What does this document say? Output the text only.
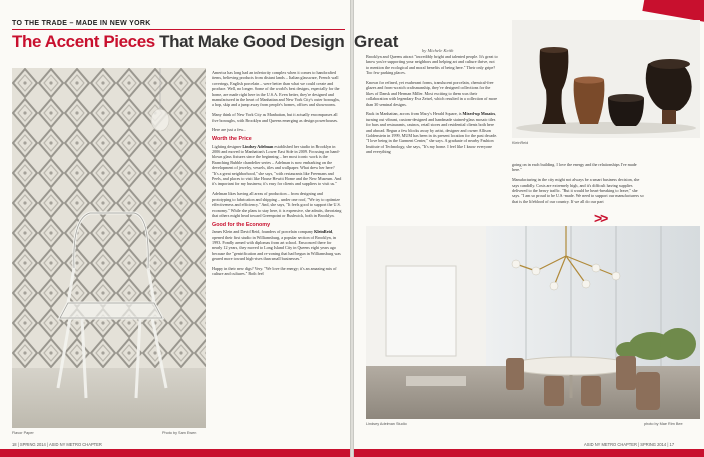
TO THE TRADE – MADE IN NEW YORK
The Accent Pieces That Make Good Design
Flavor Paper	Photo by Sam Ewen

America has long had an inferiority complex when it comes to handcrafted items, believing products from distant lands – Italian glassware, French wall coverings, English porcelain – were better than what we could create and produce. Well, no longer. Some of the world's best designs, especially for the home, are made right here in the U.S.A. Even better, they're designed and manufactured in the heart of Manhattan and New York City's outer boroughs, a hop, skip and a jump away from people's homes, offices and showrooms.

Many think of New York City as Manhattan, but it actually encompasses all five boroughs, with Brooklyn and Queens emerging as design powerhouses.

Here are just a few...

Worth the Price

Lighting designer Lindsey Adelman established her studio in Brooklyn in 2006 and moved to Manhattan's Lower East Side in 2009. Focusing on hand-blown glass fixtures since the beginning – her most iconic work is the Branching Bubble chandelier series – Adelman is now embarking on the development of jewelry, vessels, tiles and wallpaper. What drew her here? "It's a great neighborhood," she says, "with restaurants like Freemans and Peels, and places to visit like House Hewitt Home and the New Museum. And it's important for my business; it's easy for clients and suppliers to visit us."

Adelman likes having all areas of production – from designing and prototyping to fabrication and shipping – under one roof, "We try to optimize effectiveness and efficiency." And, she says, "It feels good to support the U.S. economy." While she plans to stay here, it is expensive, she admits, theorizing that others might head toward Greenpoint or Bushwick, both in Brooklyn.

Good for the Economy

James Klein and David Reid, founders of porcelain company KleinReid, opened their first studio in Williamsburg, a popular section of Brooklyn, in 1993. Fondly armed with diplomas from art school. Ensconced there for nearly 12 years, they moved to Long Island City in Queens eight years ago because the "gentrification and re-zoning that had begun in Williamsburg was geared more toward high-rises than small businesses."

Happy in their new digs? Very. "We love the energy; it's an amazing mix of culture and cultures." Both feel

18 | SPRING 2014 | ASID NY METRO CHAPTER
Great	by Michele Keith
KleinReid

Brooklyn and Queens attract "incredibly bright and talented people. It's great to know you're supporting your neighbors and helping art and culture thrive, not to mention the ecological and moral benefits of being here." Their only gripe? Too few parking places.

Known for refined, yet exuberant forms, translucent porcelain, chemical-free glazes and from-scratch craftsmanship, they've designed collections for the likes of Dansk and Herman Miller. Most exciting to them was their collaboration with legendary Eva Zeisel, which resulted in a collection of more than 30 seminal designs.

Back in Manhattan, across from Macy's Herald Square, is Mixed-up Mosaics, turning out vibrant, custom-designed and handmade stained-glass mosaic tiles for bars and restaurants, casinos, retail stores and residential clients both here and abroad. Begun a few blocks away by artist, designer and owner Allison Goldenstein in 1999, MUM has been in its present location for the past decade. "I love being in the Garment Center," she says. A graduate of nearby Fashion Institute of Technology, she says, "It's my home. I feel like I know everyone and everything

going on in each building. I love the energy and the relationships I've made here."

Manufacturing in the city might not always be a smart business decision, she says candidly. Costs are extremely high, and it's difficult having supplies delivered to the heavy traffic. "But it would be heart-breaking to leave," she says. "I am so proud to be U.S.-made. We need to support our manufacturers so that is the lifeblood of our country. If we all do our part

>>
Lindsey Adelman Studio	photo by Mae Rim Bee
ASID NY METRO CHAPTER | SPRING 2014 | 17
